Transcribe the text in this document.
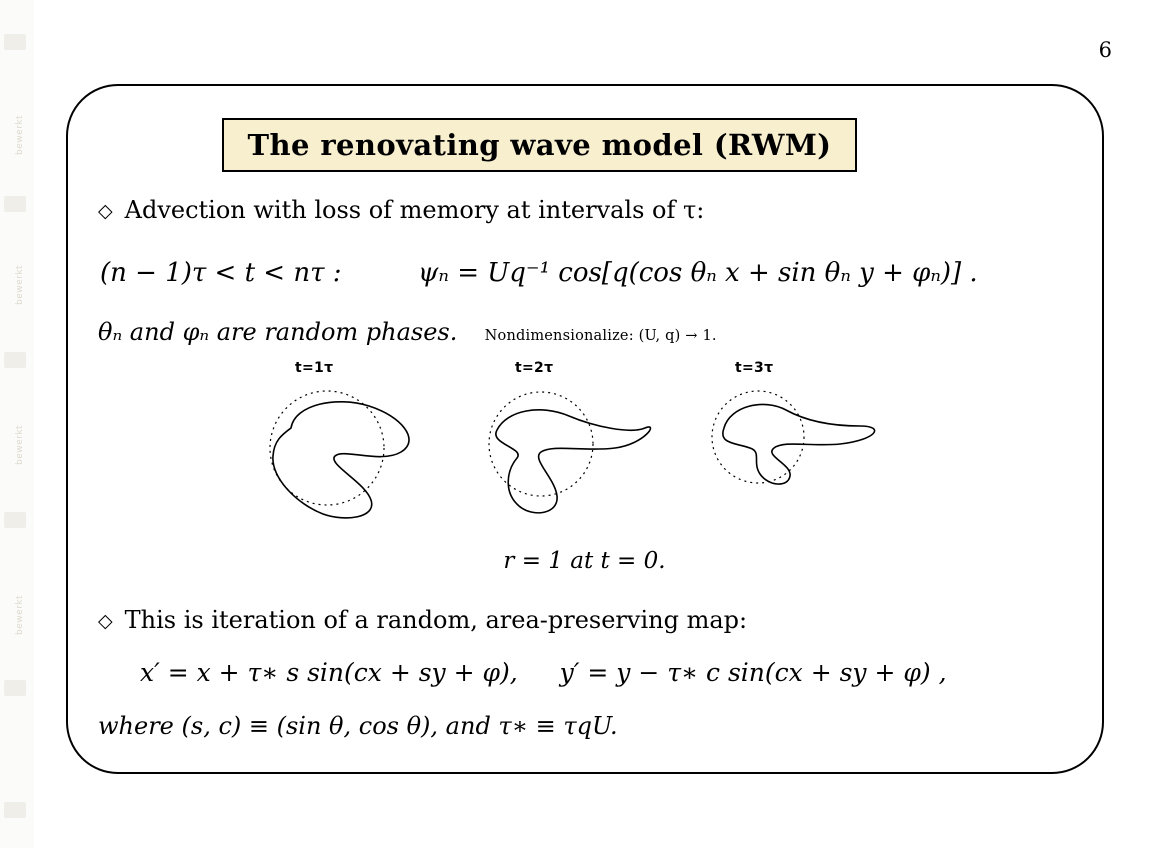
bewerkt
bewerkt
bewerkt
bewerkt
6
The renovating wave model (RWM)
◇ Advection with loss of memory at intervals of τ:
(n − 1)τ < t < nτ :	ψₙ = Uq⁻¹ cos[q(cos θₙ x + sin θₙ y + φₙ)] .
θₙ and φₙ are random phases. Nondimensionalize: (U, q) → 1.
t=1τ	t=2τ	t=3τ
r = 1 at t = 0.
◇ This is iteration of a random, area-preserving map:
x′ = x + τ∗ s sin(cx + sy + φ), y′ = y − τ∗ c sin(cx + sy + φ) ,
where (s, c) ≡ (sin θ, cos θ), and τ∗ ≡ τqU.
